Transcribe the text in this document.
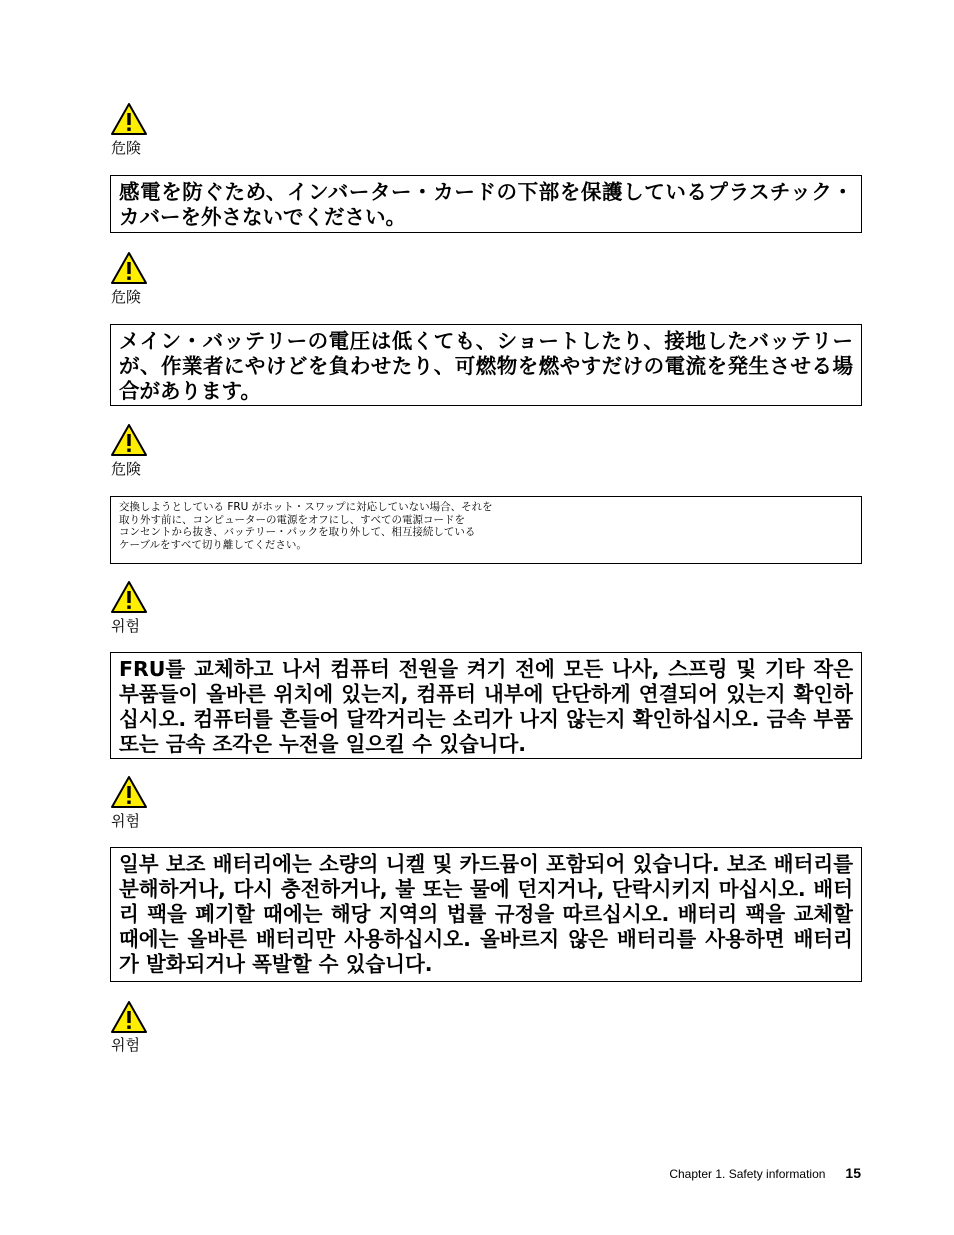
危険
感電を防ぐため、インバーター・カードの下部を保護しているプラスチック・カバーを外さないでください。
危険
メイン・バッテリーの電圧は低くても、ショートしたり、接地したバッテリーが、作業者にやけどを負わせたり、可燃物を燃やすだけの電流を発生させる場合があります。
危険
交換しようとしている FRU がホット・スワップに対応していない場合、それを
取り外す前に、コンピューターの電源をオフにし、すべての電源コードを
コンセントから抜き、バッテリー・パックを取り外して、相互接続している
ケーブルをすべて切り離してください。
위험
FRU를 교체하고 나서 컴퓨터 전원을 켜기 전에 모든 나사, 스프링 및 기타 작은 부품들이 올바른 위치에 있는지, 컴퓨터 내부에 단단하게 연결되어 있는지 확인하십시오. 컴퓨터를 흔들어 달깍거리는 소리가 나지 않는지 확인하십시오. 금속 부품 또는 금속 조각은 누전을 일으킬 수 있습니다.
위험
일부 보조 배터리에는 소량의 니켈 및 카드뮴이 포함되어 있습니다. 보조 배터리를 분해하거나, 다시 충전하거나, 불 또는 물에 던지거나, 단락시키지 마십시오. 배터리 팩을 폐기할 때에는 해당 지역의 법률 규정을 따르십시오. 배터리 팩을 교체할 때에는 올바른 배터리만 사용하십시오. 올바르지 않은 배터리를 사용하면 배터리가 발화되거나 폭발할 수 있습니다.
위험
Chapter 1. Safety information 15
